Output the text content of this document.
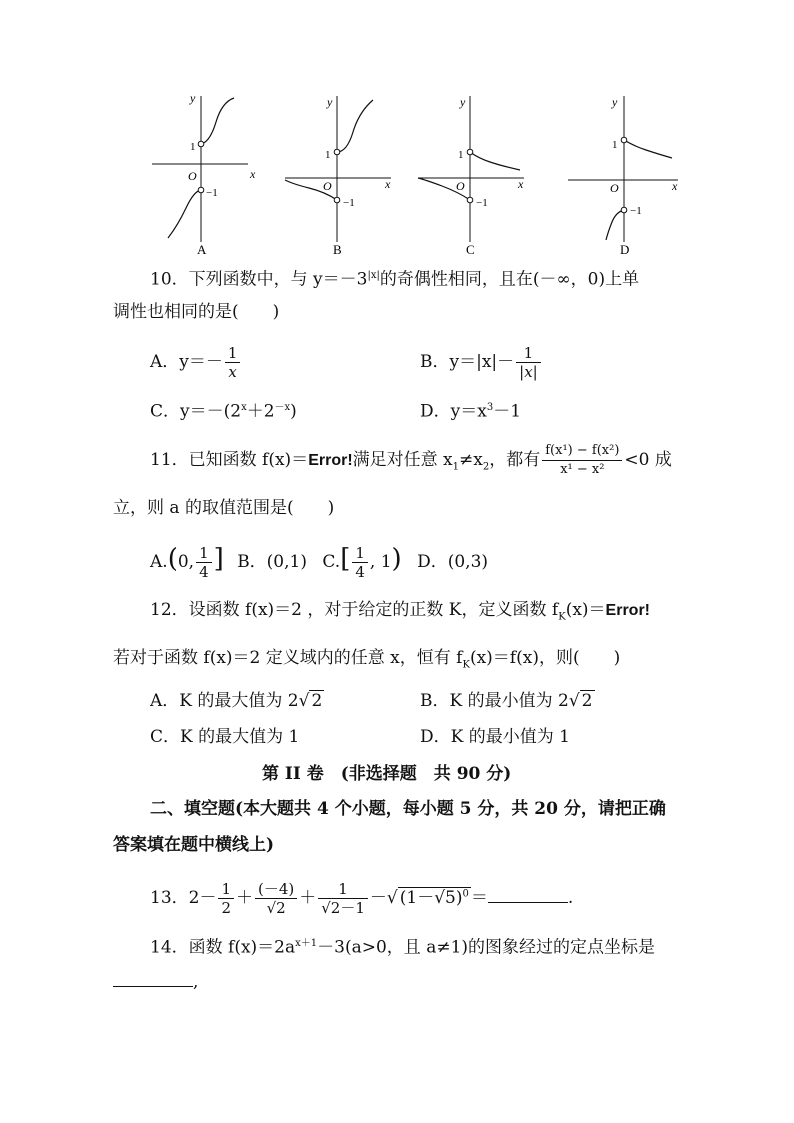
y
x
O
1
−1
A
y
x
O
1
−1
B
y
x
O
1
−1
C
y
x
O
1
−1
D
10．下列函数中，与 $y=-3^{|x|}$的奇偶性相同，且在(－∞，0)上单
调性也相同的是(　　)
A．$y=- \frac{1}{x}$	B．$y=|x|- \frac{1}{|x|}$
C．$y=-(2^x+2^{-x})$	D．$y=x^3-1$
11．已知函数 f(x)＝Error!满足对任意 $x_1\ne x_2$，都有 $\frac{\text{f(x¹) − f(x²)}}{\text{x¹ − x²}} <0$ 成
立，则 a 的取值范围是(　　)
A.(0, $\frac{1}{4}$ ] B．(0,1) $C.[ \frac{1}{4}$ , 1) D．(0,3)
12．设函数 f(x)＝2 ，对于给定的正数 K，定义函数 $f_K(x)=Error$!
若对于函数 f(x)＝2 定义域内的任意 x，恒有 $f_K(x)=f(x)$，则(　　)
A．K 的最大值为 2√ 2	B．K 的最小值为 2√ 2
C．K 的最大值为 1	D．K 的最小值为 1
第 II 卷　(非选择题　共 90 分)
二、填空题(本大题共 4 个小题，每小题 5 分，共 20 分，请把正确
答案填在题中横线上)
13．$2- \frac{1}{2} + \frac{(-4)}{√2} + \frac{1}{√2-1}$ －√ $(1-√5)^0$ ＝	.
14．函数 $f(x)=2a^{x+1}-3(a>0$，且 a≠1)的图象经过的定点坐标是
,
